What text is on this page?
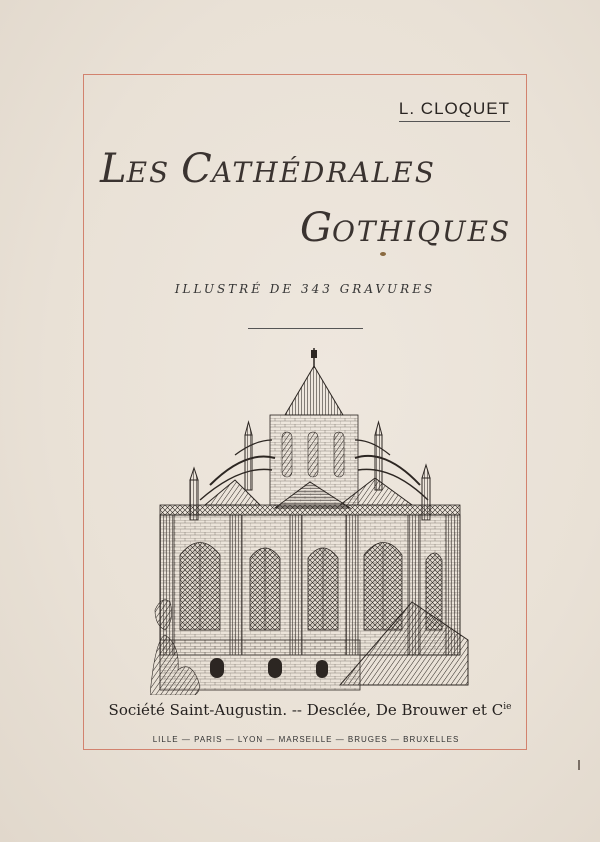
L. CLOQUET
LES CATHÉDRALES
GOTHIQUES
ILLUSTRÉ DE 343 GRAVURES
Société Saint-Augustin. -- Desclée, De Brouwer et $C^{ie}$
LILLE — PARIS — LYON — MARSEILLE — BRUGES — BRUXELLES
